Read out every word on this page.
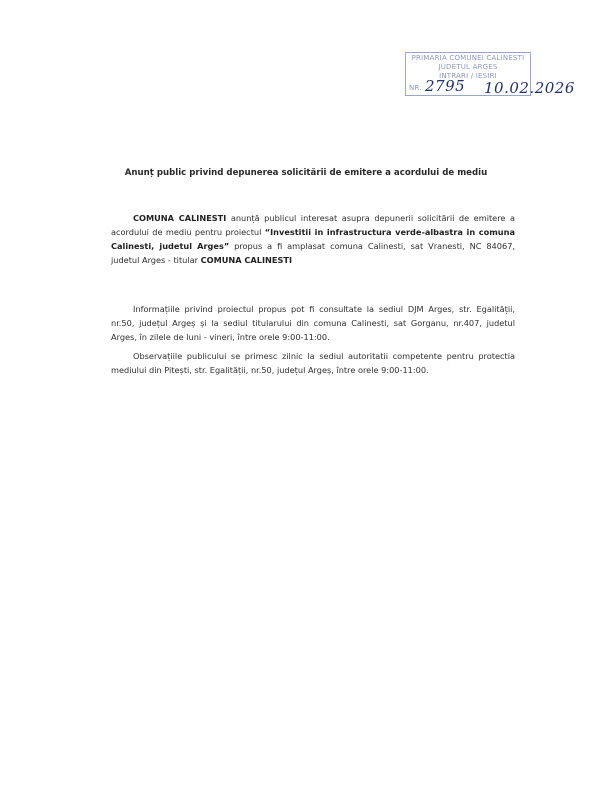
PRIMARIA COMUNEI CALINESTI
JUDETUL ARGES
INTRARI / IESIRI
NR. 2795 10.02.2026
Anunț public privind depunerea solicitării de emitere a acordului de mediu
COMUNA CALINESTI anunță publicul interesat asupra depunerii solicitării de emitere a acordului de mediu pentru proiectul “Investitii in infrastructura verde-albastra in comuna Calinesti, judetul Arges” propus a fi amplasat comuna Calinesti, sat Vranesti, NC 84067, judetul Arges - titular COMUNA CALINESTI
Informațiile privind proiectul propus pot fi consultate la sediul DJM Arges, str. Egalității, nr.50, județul Argeș și la sediul titularului din comuna Calinesti, sat Gorganu, nr.407, judetul Arges, în zilele de luni - vineri, între orele 9:00-11:00.
Observațiile publicului se primesc zilnic la sediul autoritatii competente pentru protectia mediului din Pitești, str. Egalității, nr.50, județul Argeș, între orele 9:00-11:00.
